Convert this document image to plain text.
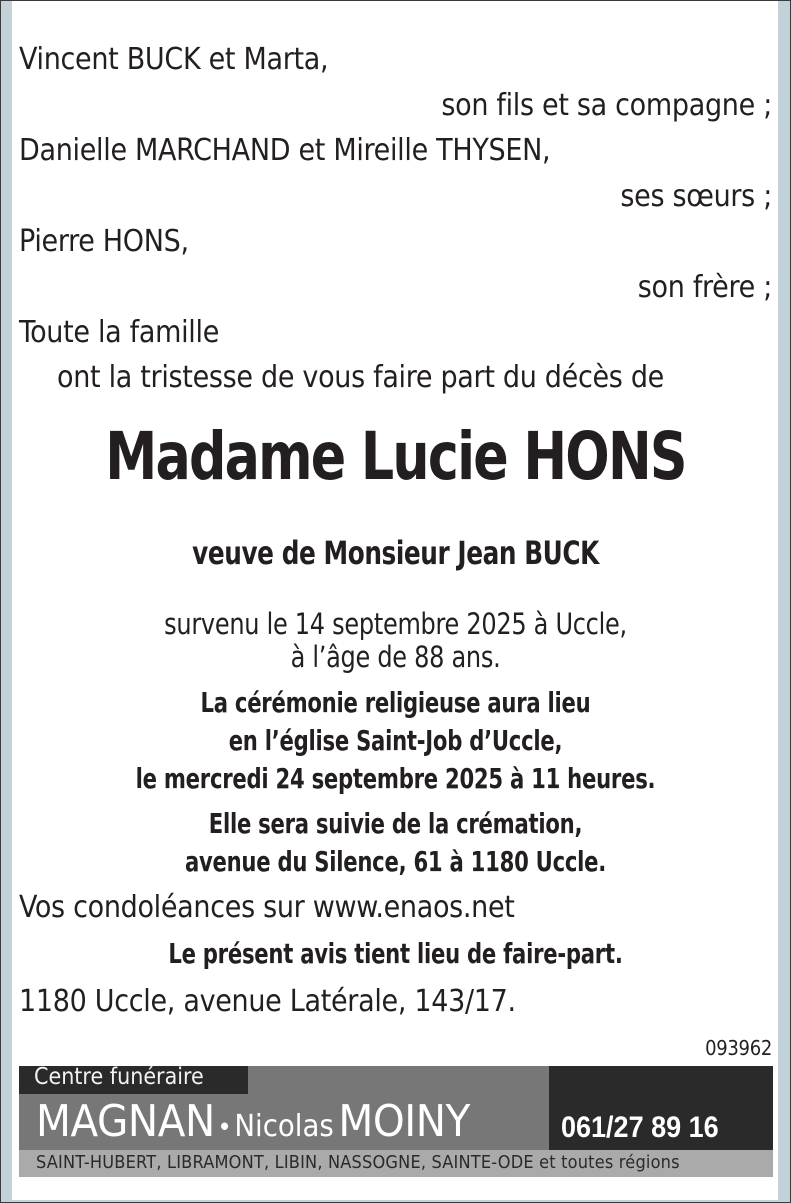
Vincent BUCK et Marta,
son fils et sa compagne ;
Danielle MARCHAND et Mireille THYSEN,
ses sœurs ;
Pierre HONS,
son frère ;
Toute la famille
ont la tristesse de vous faire part du décès de
Madame Lucie HONS
veuve de Monsieur Jean BUCK
survenu le 14 septembre 2025 à Uccle,
à l’âge de 88 ans.
La cérémonie religieuse aura lieu
en l’église Saint-Job d’Uccle,
le mercredi 24 septembre 2025 à 11 heures.
Elle sera suivie de la crémation,
avenue du Silence, 61 à 1180 Uccle.
Vos condoléances sur www.enaos.net
Le présent avis tient lieu de faire-part.
1180 Uccle, avenue Latérale, 143/17.
093962
Centre funéraire
MAGNAN •Nicolas MOINY	061/27 89 16
SAINT-HUBERT, LIBRAMONT, LIBIN, NASSOGNE, SAINTE-ODE et toutes régions
